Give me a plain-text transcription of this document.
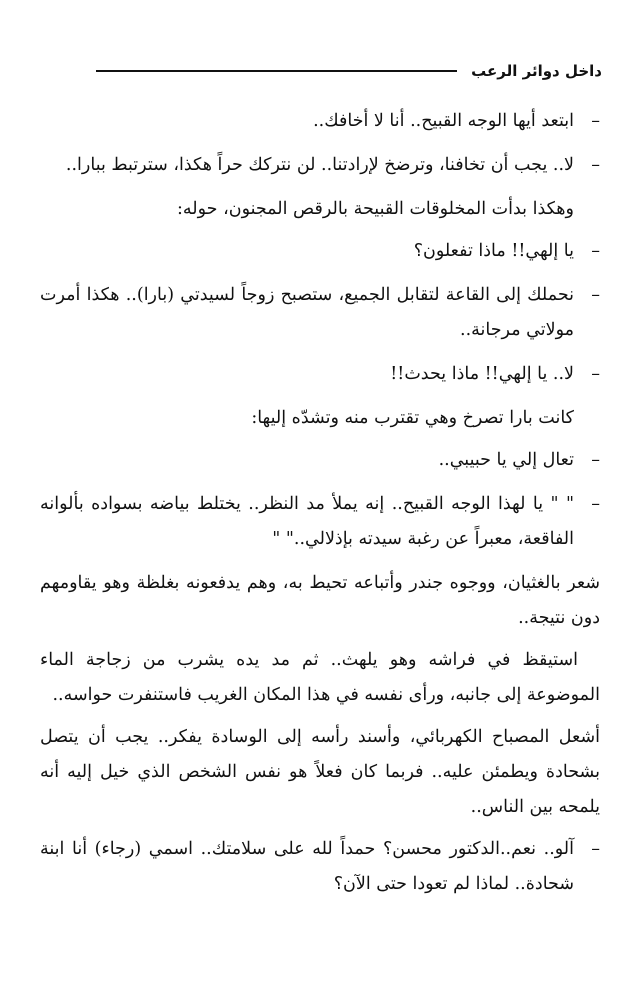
داخل دوائر الرعب
–
ابتعد أيها الوجه القبيح.. أنا لا أخافك..
–
لا.. يجب أن تخافنا، وترضخ لإرادتنا.. لن نتركك حراً هكذا، سترتبط ببارا..

وهكذا بدأت المخلوقات القبيحة بالرقص المجنون، حوله:

–
يا إلهي!! ماذا تفعلون؟
–
نحملك إلى القاعة لتقابل الجميع، ستصبح زوجاً لسيدتي (بارا).. هكذا أمرت مولاتي مرجانة..
–
لا.. يا إلهي!! ماذا يحدث!!

كانت بارا تصرخ وهي تقترب منه وتشدّه إليها:

–
تعال إلي يا حبيبي..
–
" " يا لهذا الوجه القبيح.. إنه يملأ مد النظر.. يختلط بياضه بسواده بألوانه الفاقعة، معبراً عن رغبة سيدته بإذلالي.." "

شعر بالغثيان، ووجوه جندر وأتباعه تحيط به، وهم يدفعونه بغلظة وهو يقاومهم دون نتيجة..

استيقظ في فراشه وهو يلهث.. ثم مد يده يشرب من زجاجة الماء الموضوعة إلى جانبه، ورأى نفسه في هذا المكان الغريب فاستنفرت حواسه..

أشعل المصباح الكهربائي، وأسند رأسه إلى الوسادة يفكر.. يجب أن يتصل بشحادة ويطمئن عليه.. فربما كان فعلاً هو نفس الشخص الذي خيل إليه أنه يلمحه بين الناس..

–
آلو.. نعم..الدكتور محسن؟ حمداً لله على سلامتك.. اسمي (رجاء) أنا ابنة شحادة.. لماذا لم تعودا حتى الآن؟
